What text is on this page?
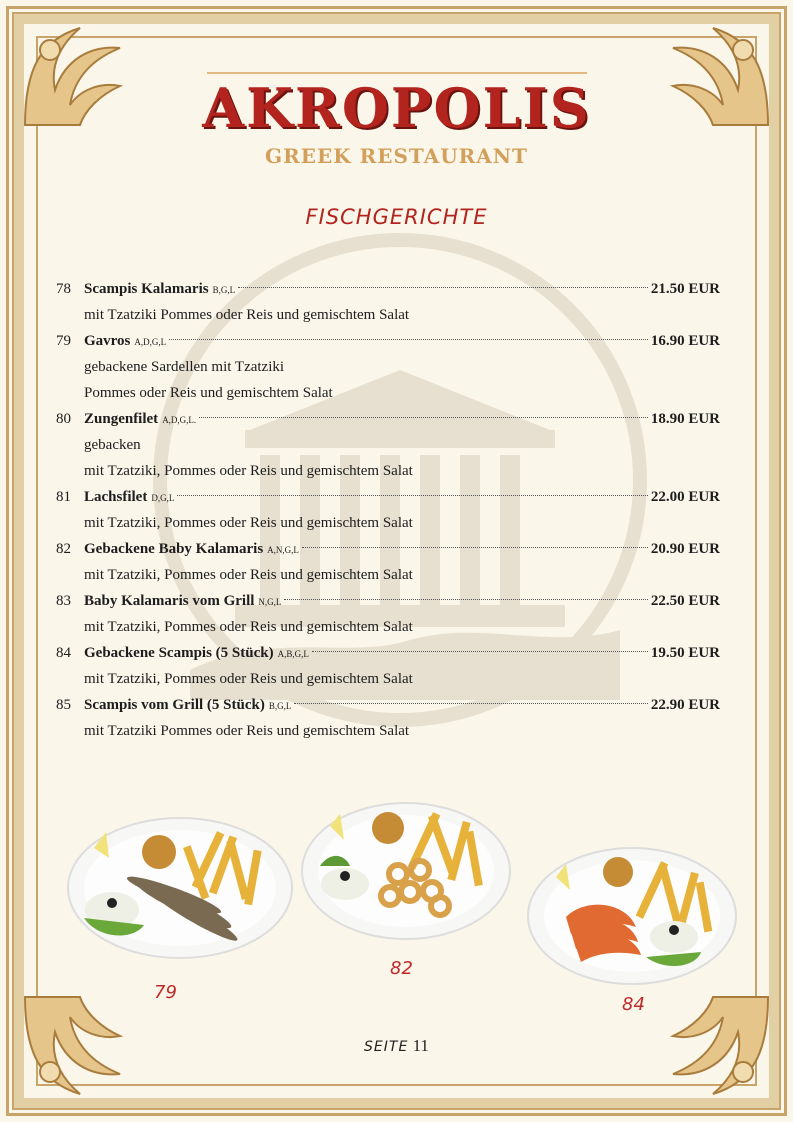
AKROPOLIS
GREEK RESTAURANT
FISCHGERICHTE
78 Scampis Kalamaris B,G,L	21.50 EUR
mit Tzatziki Pommes oder Reis und gemischtem Salat
79 Gavros A,D,G,L	16.90 EUR
gebackene Sardellen mit Tzatziki
Pommes oder Reis und gemischtem Salat
80 Zungenfilet A,D,G,L.	18.90 EUR
gebacken
mit Tzatziki, Pommes oder Reis und gemischtem Salat
81 Lachsfilet D,G,L	22.00 EUR
mit Tzatziki, Pommes oder Reis und gemischtem Salat
82 Gebackene Baby Kalamaris A,N,G,L	20.90 EUR
mit Tzatziki, Pommes oder Reis und gemischtem Salat
83 Baby Kalamaris vom Grill N,G,L	22.50 EUR
mit Tzatziki, Pommes oder Reis und gemischtem Salat
84 Gebackene Scampis (5 Stück) A,B,G,L	19.50 EUR
mit Tzatziki, Pommes oder Reis und gemischtem Salat
85 Scampis vom Grill (5 Stück) B,G,L	22.90 EUR
mit Tzatziki Pommes oder Reis und gemischtem Salat
79
82
84
SEITE 11
